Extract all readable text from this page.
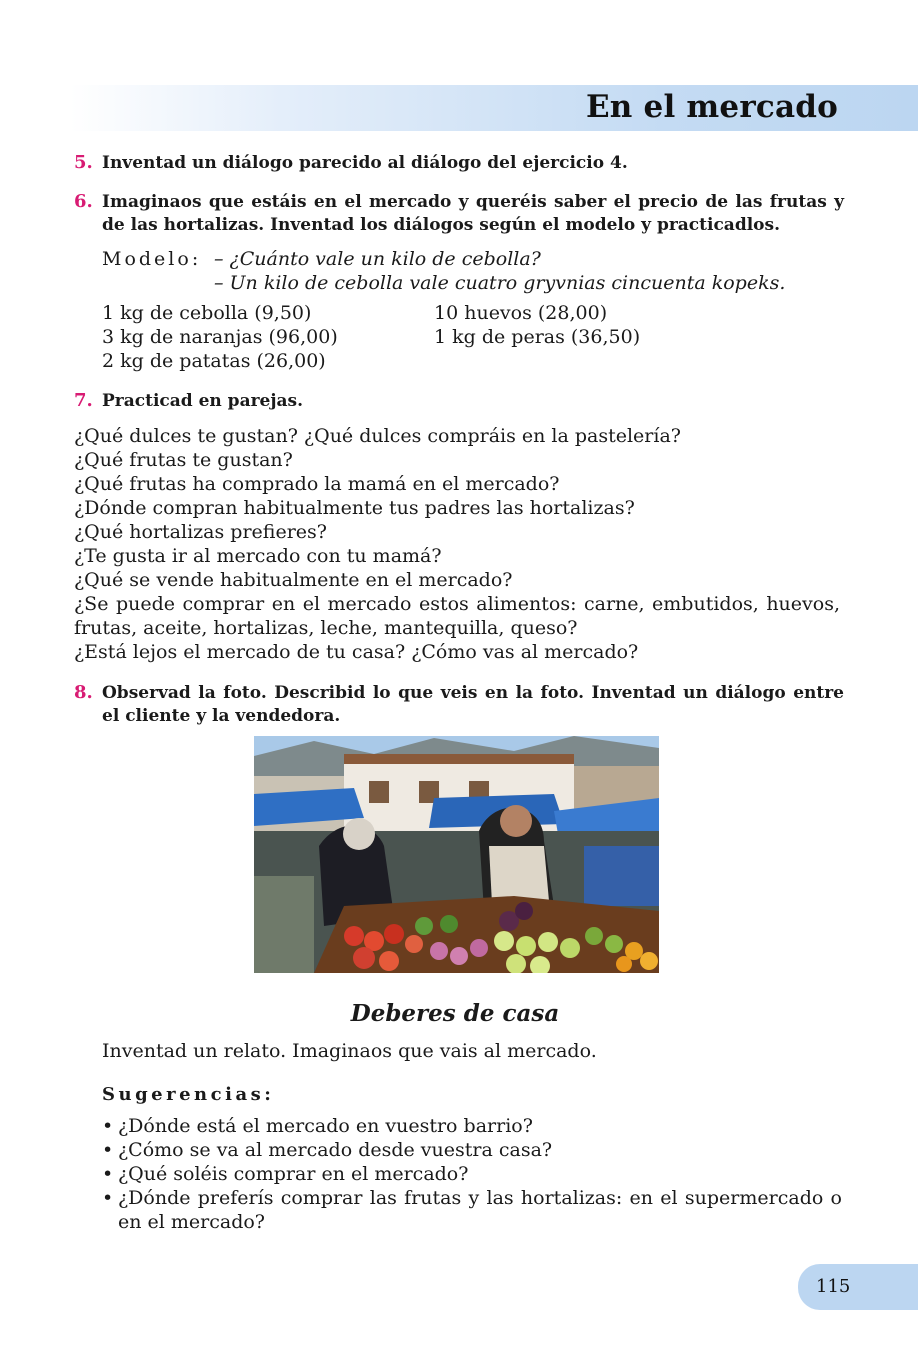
En el mercado
5. Inventad un diálogo parecido al diálogo del ejercicio 4.
6. Imaginaos que estáis en el mercado y queréis saber el precio de las frutas y de las hortalizas. Inventad los diálogos según el modelo y practicadlos.
Modelo: – ¿Cuánto vale un kilo de cebolla?
– Un kilo de cebolla vale cuatro gryvnias cincuenta kopeks.
1 kg de cebolla (9,50)
3 kg de naranjas (96,00)
2 kg de patatas (26,00)
10 huevos (28,00)
1 kg de peras (36,50)
7. Practicad en parejas.
¿Qué dulces te gustan? ¿Qué dulces compráis en la pastelería?
¿Qué frutas te gustan?
¿Qué frutas ha comprado la mamá en el mercado?
¿Dónde compran habitualmente tus padres las hortalizas?
¿Qué hortalizas prefieres?
¿Te gusta ir al mercado con tu mamá?
¿Qué se vende habitualmente en el mercado?
¿Se puede comprar en el mercado estos alimentos: carne, embutidos, huevos, frutas, aceite, hortalizas, leche, mantequilla, queso?
¿Está lejos el mercado de tu casa? ¿Cómo vas al mercado?
8. Observad la foto. Describid lo que veis en la foto. Inventad un diálogo entre el cliente y la vendedora.
Deberes de casa
Inventad un relato. Imaginaos que vais al mercado.
Sugerencias:
• ¿Dónde está el mercado en vuestro barrio?
• ¿Cómo se va al mercado desde vuestra casa?
• ¿Qué soléis comprar en el mercado?
• ¿Dónde preferís comprar las frutas y las hortalizas: en el supermercado o en el mercado?
115
